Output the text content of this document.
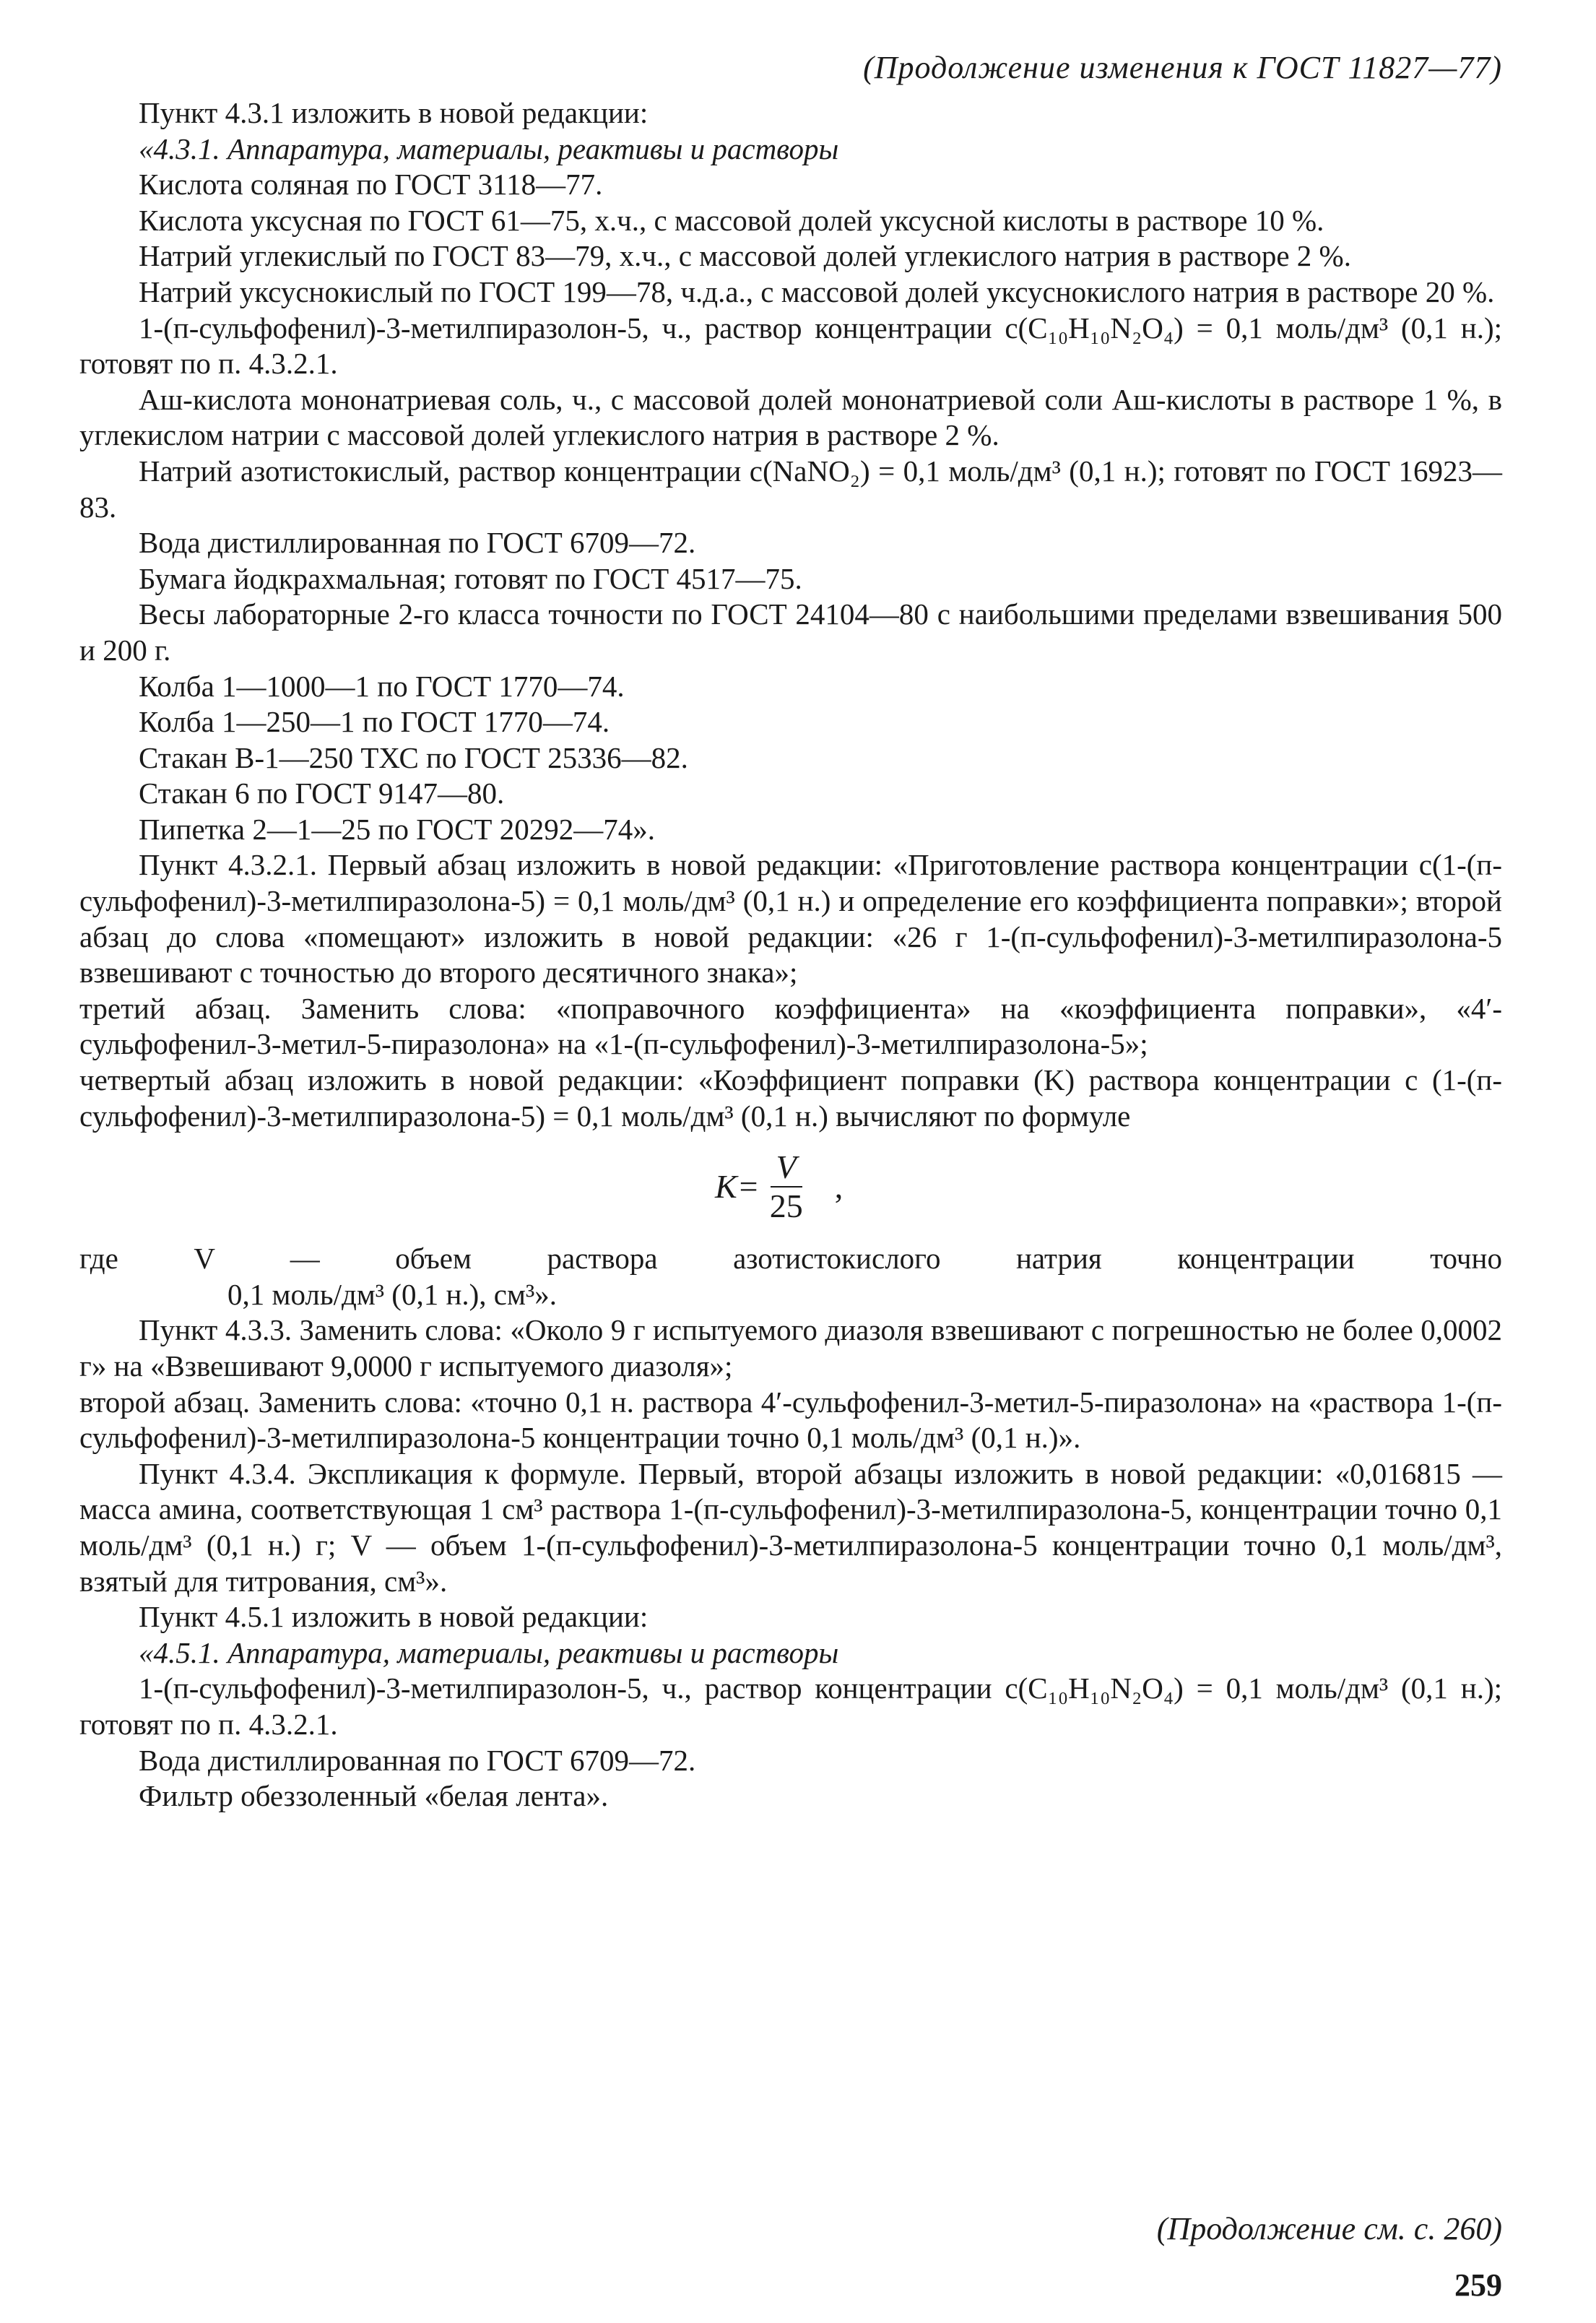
(Продолжение изменения к ГОСТ 11827—77)

Пункт 4.3.1 изложить в новой редакции:

«4.3.1. Аппаратура, материалы, реактивы и растворы

Кислота соляная по ГОСТ 3118—77.

Кислота уксусная по ГОСТ 61—75, х.ч., с массовой долей уксусной кислоты в растворе 10 %.

Натрий углекислый по ГОСТ 83—79, х.ч., с массовой долей углекислого натрия в растворе 2 %.

Натрий уксуснокислый по ГОСТ 199—78, ч.д.а., с массовой долей уксуснокислого натрия в растворе 20 %.

1-(п-сульфофенил)-3-метилпиразолон-5, ч., раствор концентрации c(C₁₀H₁₀N₂O₄) = 0,1 моль/дм³ (0,1 н.); готовят по п. 4.3.2.1.

Аш-кислота мононатриевая соль, ч., с массовой долей мононатриевой соли Аш-кислоты в растворе 1 %, в углекислом натрии с массовой долей углекислого натрия в растворе 2 %.

Натрий азотистокислый, раствор концентрации c(NaNO₂) = 0,1 моль/дм³ (0,1 н.); готовят по ГОСТ 16923—83.

Вода дистиллированная по ГОСТ 6709—72.

Бумага йодкрахмальная; готовят по ГОСТ 4517—75.

Весы лабораторные 2-го класса точности по ГОСТ 24104—80 с наибольшими пределами взвешивания 500 и 200 г.

Колба 1—1000—1 по ГОСТ 1770—74.

Колба 1—250—1 по ГОСТ 1770—74.

Стакан В-1—250 ТХС по ГОСТ 25336—82.

Стакан 6 по ГОСТ 9147—80.

Пипетка 2—1—25 по ГОСТ 20292—74».

Пункт 4.3.2.1. Первый абзац изложить в новой редакции: «Приготовление раствора концентрации c(1-(п-сульфофенил)-3-метилпиразолона-5) = 0,1 моль/дм³ (0,1 н.) и определение его коэффициента поправки»; второй абзац до слова «помещают» изложить в новой редакции: «26 г 1-(п-сульфофенил)-3-метилпиразолона-5 взвешивают с точностью до второго десятичного знака»;

третий абзац. Заменить слова: «поправочного коэффициента» на «коэффициента поправки», «4′-сульфофенил-3-метил-5-пиразолона» на «1-(п-сульфофенил)-3-метилпиразолона-5»;

четвертый абзац изложить в новой редакции: «Коэффициент поправки (K) раствора концентрации c (1-(п-сульфофенил)-3-метилпиразолона-5) = 0,1 моль/дм³ (0,1 н.) вычисляют по формуле

$K= \frac{V}{25}$ ,
где V — объем раствора азотистокислого натрия концентрации точно
0,1 моль/дм³ (0,1 н.), см³».

Пункт 4.3.3. Заменить слова: «Около 9 г испытуемого диазоля взвешивают с погрешностью не более 0,0002 г» на «Взвешивают 9,0000 г испытуемого диазоля»;

второй абзац. Заменить слова: «точно 0,1 н. раствора 4′-сульфофенил-3-метил-5-пиразолона» на «раствора 1-(п-сульфофенил)-3-метилпиразолона-5 концентрации точно 0,1 моль/дм³ (0,1 н.)».

Пункт 4.3.4. Экспликация к формуле. Первый, второй абзацы изложить в новой редакции: «0,016815 — масса амина, соответствующая 1 см³ раствора 1-(п-сульфофенил)-3-метилпиразолона-5, концентрации точно 0,1 моль/дм³ (0,1 н.) г; V — объем 1-(п-сульфофенил)-3-метилпиразолона-5 концентрации точно 0,1 моль/дм³, взятый для титрования, см³».

Пункт 4.5.1 изложить в новой редакции:

«4.5.1. Аппаратура, материалы, реактивы и растворы

1-(п-сульфофенил)-3-метилпиразолон-5, ч., раствор концентрации c(C₁₀H₁₀N₂O₄) = 0,1 моль/дм³ (0,1 н.); готовят по п. 4.3.2.1.

Вода дистиллированная по ГОСТ 6709—72.

Фильтр обеззоленный «белая лента».

(Продолжение см. с. 260)
259
